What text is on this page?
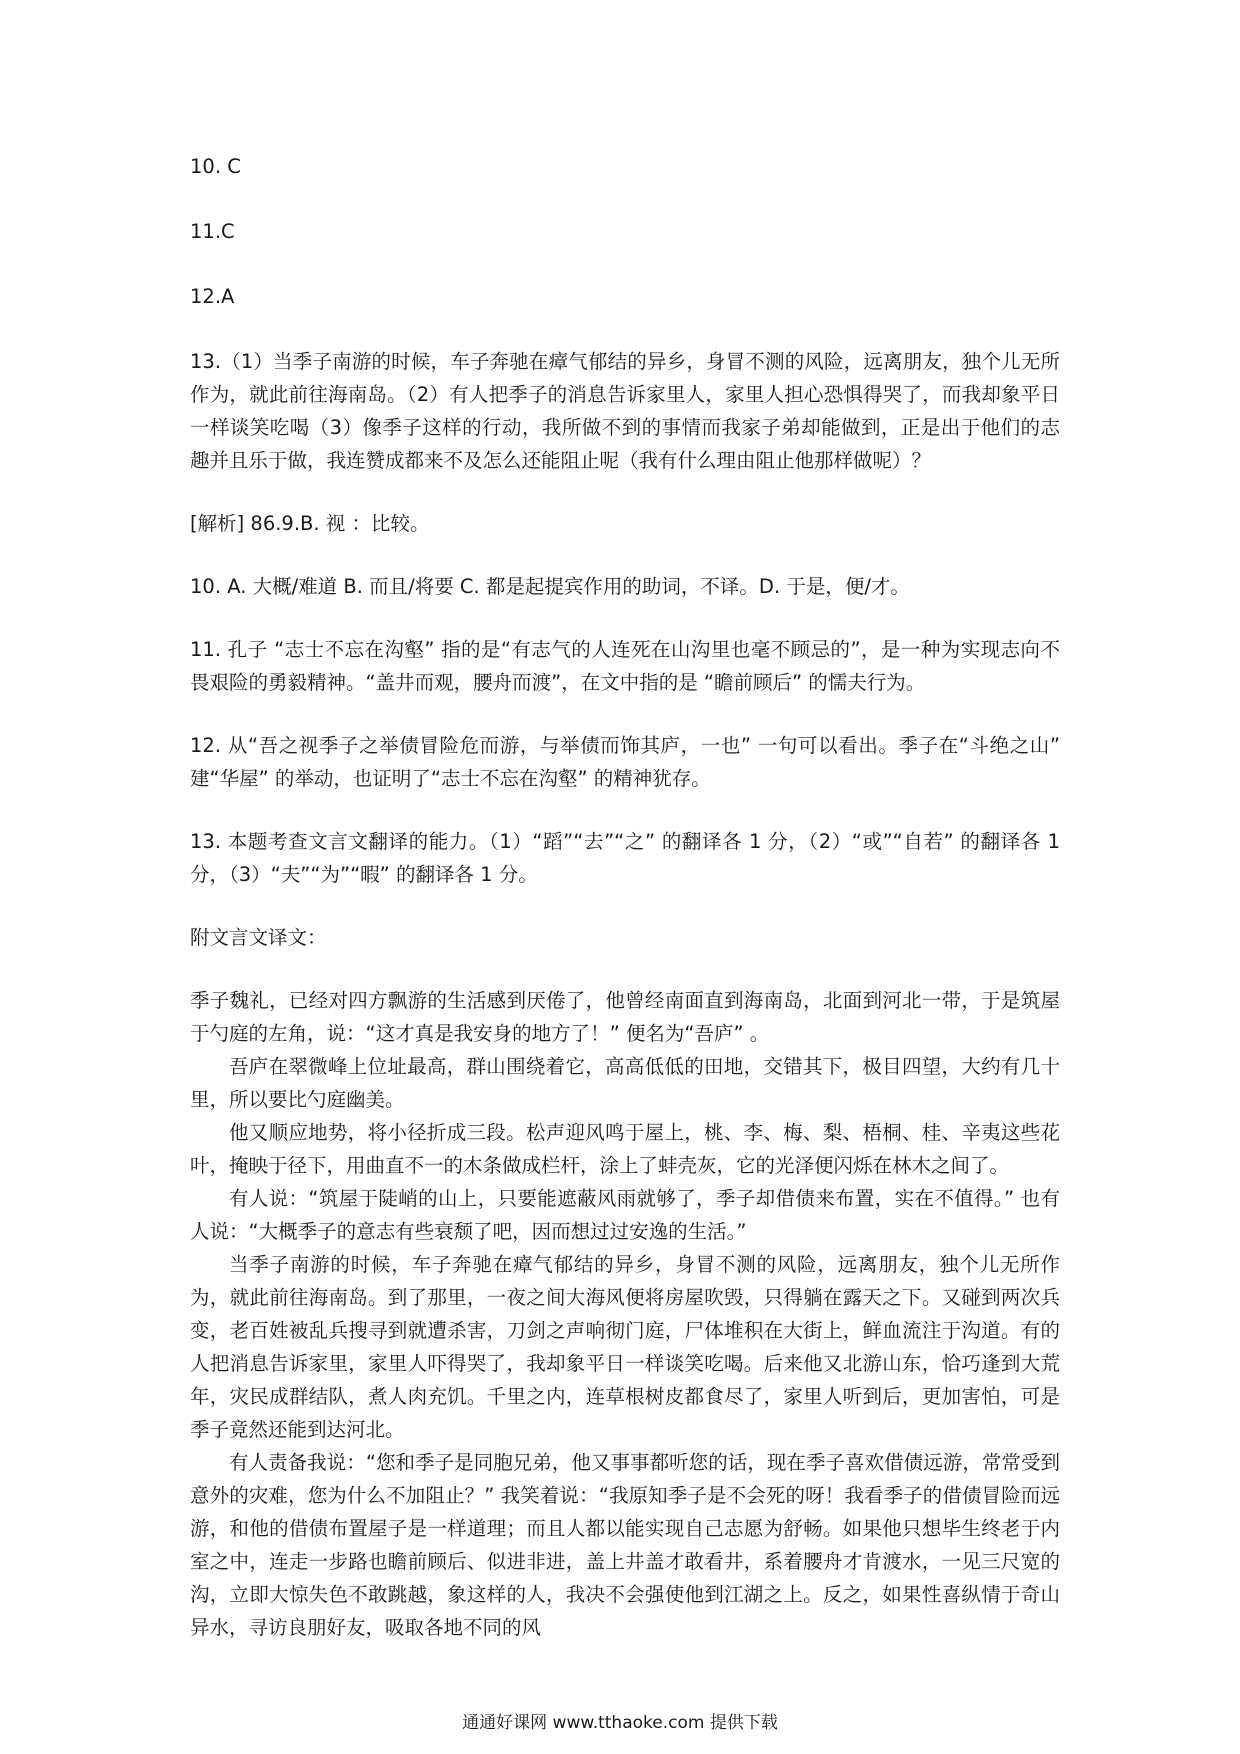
10. C

11.C

12.A

13.（1）当季子南游的时候，车子奔驰在瘴气郁结的异乡，身冒不测的风险，远离朋友，独个儿无所作为，就此前往海南岛。（2）有人把季子的消息告诉家里人，家里人担心恐惧得哭了，而我却象平日一样谈笑吃喝（3）像季子这样的行动，我所做不到的事情而我家子弟却能做到，正是出于他们的志趣并且乐于做，我连赞成都来不及怎么还能阻止呢（我有什么理由阻止他那样做呢）？

[解析] 86.9.B. 视 ：比较。

10. A. 大概/难道 B. 而且/将要 C. 都是起提宾作用的助词，不译。D. 于是，便/才。

11. 孔子 “志士不忘在沟壑” 指的是“有志气的人连死在山沟里也毫不顾忌的”，是一种为实现志向不畏艰险的勇毅精神。“盖井而观，腰舟而渡”，在文中指的是 “瞻前顾后” 的懦夫行为。

12. 从“吾之视季子之举债冒险危而游，与举债而饰其庐，一也” 一句可以看出。季子在“斗绝之山” 建“华屋” 的举动，也证明了“志士不忘在沟壑” 的精神犹存。

13. 本题考查文言文翻译的能力。（1）“蹈”“去”“之” 的翻译各 1 分，（2）“或”“自若” 的翻译各 1 分，（3）“夫”“为”“暇” 的翻译各 1 分。

附文言文译文：

季子魏礼，已经对四方飘游的生活感到厌倦了，他曾经南面直到海南岛，北面到河北一带，于是筑屋于勺庭的左角，说：“这才真是我安身的地方了！” 便名为“吾庐” 。

吾庐在翠微峰上位址最高，群山围绕着它，高高低低的田地，交错其下，极目四望，大约有几十里，所以要比勺庭幽美。

他又顺应地势，将小径折成三段。松声迎风鸣于屋上，桃、李、梅、梨、梧桐、桂、辛夷这些花叶，掩映于径下，用曲直不一的木条做成栏杆，涂上了蚌壳灰，它的光泽便闪烁在林木之间了。

有人说：“筑屋于陡峭的山上，只要能遮蔽风雨就够了，季子却借债来布置，实在不值得。” 也有人说：“大概季子的意志有些衰颓了吧，因而想过过安逸的生活。”

当季子南游的时候，车子奔驰在瘴气郁结的异乡，身冒不测的风险，远离朋友，独个儿无所作为，就此前往海南岛。到了那里，一夜之间大海风便将房屋吹毁，只得躺在露天之下。又碰到两次兵变，老百姓被乱兵搜寻到就遭杀害，刀剑之声响彻门庭，尸体堆积在大街上，鲜血流注于沟道。有的人把消息告诉家里，家里人吓得哭了，我却象平日一样谈笑吃喝。后来他又北游山东，恰巧逢到大荒年，灾民成群结队，煮人肉充饥。千里之内，连草根树皮都食尽了，家里人听到后，更加害怕，可是季子竟然还能到达河北。

有人责备我说：“您和季子是同胞兄弟，他又事事都听您的话，现在季子喜欢借债远游，常常受到意外的灾难，您为什么不加阻止？” 我笑着说：“我原知季子是不会死的呀！我看季子的借债冒险而远游，和他的借债布置屋子是一样道理；而且人都以能实现自己志愿为舒畅。如果他只想毕生终老于内室之中，连走一步路也瞻前顾后、似进非进，盖上井盖才敢看井，系着腰舟才肯渡水，一见三尺宽的沟，立即大惊失色不敢跳越，象这样的人，我决不会强使他到江湖之上。反之，如果性喜纵情于奇山异水，寻访良朋好友，吸取各地不同的风

通通好课网 www.tthaoke.com 提供下载
